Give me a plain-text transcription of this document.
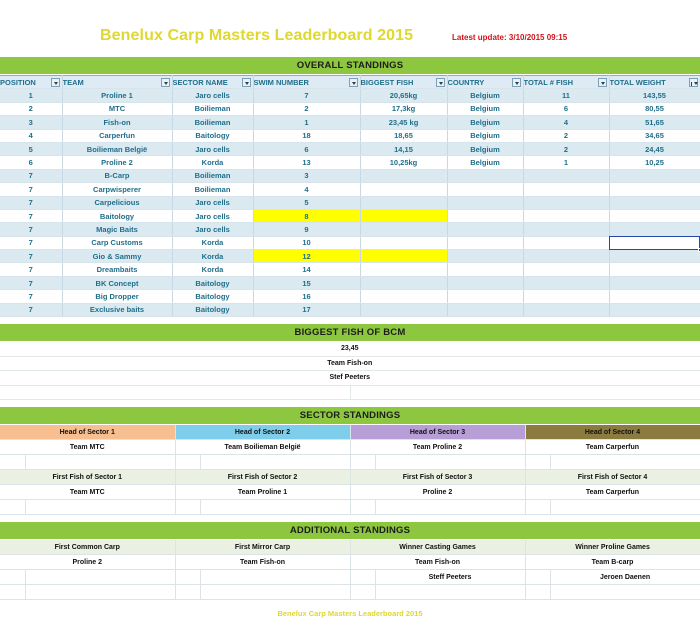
Benelux Carp Masters Leaderboard 2015	Latest update: 3/10/2015 09:15
OVERALL STANDINGS
POSITION	TEAM	SECTOR NAME	SWIM NUMBER	BIGGEST FISH	COUNTRY	TOTAL # FISH	TOTAL WEIGHT

1	Proline 1	Jaro cells	7	20,65kg	Belgium	11	143,55
2	MTC	Boilieman	2	17,3kg	Belgium	6	80,55
3	Fish-on	Boilieman	1	23,45 kg	Belgium	4	51,65
4	Carperfun	Baitology	18	18,65	Belgium	2	34,65
5	Boilieman België	Jaro cells	6	14,15	Belgium	2	24,45
6	Proline 2	Korda	13	10,25kg	Belgium	1	10,25
7	B-Carp	Boilieman	3				
7	Carpwisperer	Boilieman	4				
7	Carpelicious	Jaro cells	5				
7	Baitology	Jaro cells	8				
7	Magic Baits	Jaro cells	9				
7	Carp Customs	Korda	10				
7	Gio & Sammy	Korda	12				
7	Dreambaits	Korda	14				
7	BK Concept	Baitology	15				
7	Big Dropper	Baitology	16				
7	Exclusive baits	Baitology	17				
BIGGEST FISH OF BCM
23,45
Team Fish-on
Stef Peeters

SECTOR STANDINGS
Head of Sector 1		Head of Sector 2		Head of Sector 3		Head of Sector 4	
Team MTC		Team Boilieman België		Team Proline 2		Team Carperfun	

First Fish of Sector 1		First Fish of Sector 2		First Fish of Sector 3		First Fish of Sector 4	
Team MTC		Team Proline 1		Proline 2		Team Carperfun	

ADDITIONAL STANDINGS
First Common Carp		First Mirror Carp		Winner Casting Games		Winner Proline Games	
Proline 2		Team Fish-on		Team Fish-on		Team B-carp	
					Steff Peeters		Jeroen Daenen

Benelux Carp Masters Leaderboard 2015
